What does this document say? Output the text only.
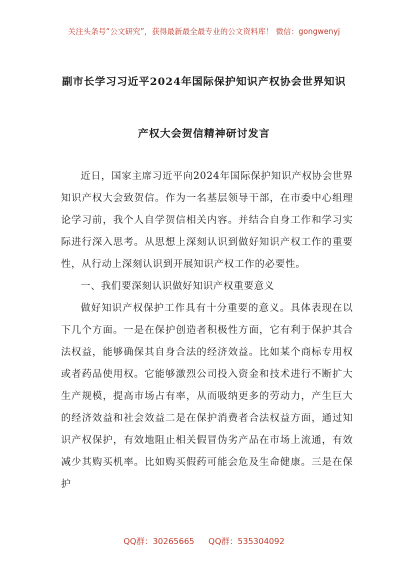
关注头条号“公文研究”，获得最新最全最专业的公文资料库！ 微信：gongwenyj
副市长学习习近平2024年国际保护知识产权协会世界知识
产权大会贺信精神研讨发言

近日，国家主席习近平向2024年国际保护知识产权协会世界知识产权大会致贺信。作为一名基层领导干部，在市委中心组理论学习前，我个人自学贺信相关内容。并结合自身工作和学习实际进行深入思考。从思想上深刻认识到做好知识产权工作的重要性，从行动上深刻认识到开展知识产权工作的必要性。

一、我们要深刻认识做好知识产权重要意义

做好知识产权保护工作具有十分重要的意义。具体表现在以下几个方面。一是在保护创造者积极性方面，它有利于保护其合法权益，能够确保其自身合法的经济效益。比如某个商标专用权或者药品使用权。它能够激烈公司投入资金和技术进行不断扩大生产规模，提高市场占有率，从而吸纳更多的劳动力，产生巨大的经济效益和社会效益二是在保护消费者合法权益方面，通过知识产权保护，有效地阻止相关假冒伪劣产品在市场上流通，有效减少其购买机率。比如购买假药可能会危及生命健康。三是在保护

QQ群：30265665 QQ群：535304092
